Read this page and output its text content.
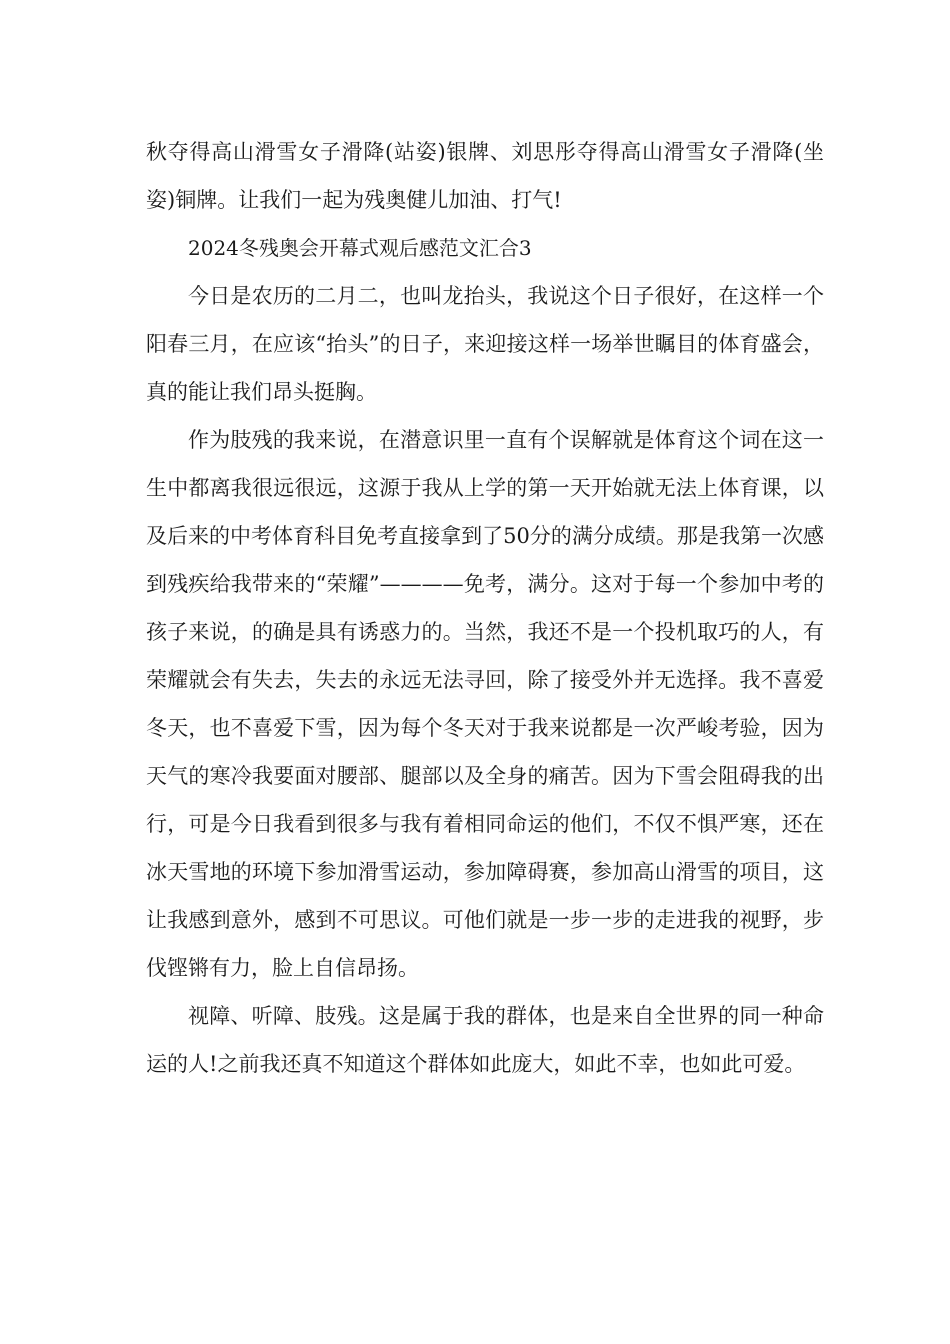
秋夺得高山滑雪女子滑降(站姿)银牌、刘思彤夺得高山滑雪女子滑降(坐姿)铜牌。让我们一起为残奥健儿加油、打气!

2024冬残奥会开幕式观后感范文汇合3

今日是农历的二月二，也叫龙抬头，我说这个日子很好，在这样一个阳春三月，在应该“抬头”的日子，来迎接这样一场举世瞩目的体育盛会，真的能让我们昂头挺胸。

作为肢残的我来说，在潜意识里一直有个误解就是体育这个词在这一生中都离我很远很远，这源于我从上学的第一天开始就无法上体育课，以及后来的中考体育科目免考直接拿到了50分的满分成绩。那是我第一次感到残疾给我带来的“荣耀”————免考，满分。这对于每一个参加中考的孩子来说，的确是具有诱惑力的。当然，我还不是一个投机取巧的人，有荣耀就会有失去，失去的永远无法寻回，除了接受外并无选择。我不喜爱冬天，也不喜爱下雪，因为每个冬天对于我来说都是一次严峻考验，因为天气的寒冷我要面对腰部、腿部以及全身的痛苦。因为下雪会阻碍我的出行，可是今日我看到很多与我有着相同命运的他们，不仅不惧严寒，还在冰天雪地的环境下参加滑雪运动，参加障碍赛，参加高山滑雪的项目，这让我感到意外，感到不可思议。可他们就是一步一步的走进我的视野，步伐铿锵有力，脸上自信昂扬。

视障、听障、肢残。这是属于我的群体，也是来自全世界的同一种命运的人!之前我还真不知道这个群体如此庞大，如此不幸，也如此可爱。
